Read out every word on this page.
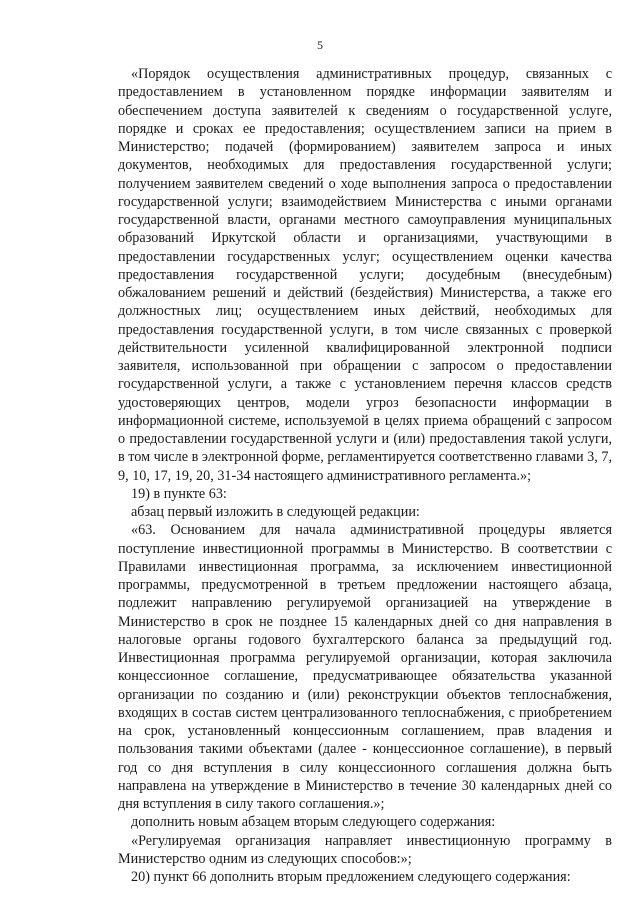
5

«Порядок осуществления административных процедур, связанных с предоставлением в установленном порядке информации заявителям и обеспечением доступа заявителей к сведениям о государственной услуге, порядке и сроках ее предоставления; осуществлением записи на прием в Министерство; подачей (формированием) заявителем запроса и иных документов, необходимых для предоставления государственной услуги; получением заявителем сведений о ходе выполнения запроса о предоставлении государственной услуги; взаимодействием Министерства с иными органами государственной власти, органами местного самоуправления муниципальных образований Иркутской области и организациями, участвующими в предоставлении государственных услуг; осуществлением оценки качества предоставления государственной услуги; досудебным (внесудебным) обжалованием решений и действий (бездействия) Министерства, а также его должностных лиц; осуществлением иных действий, необходимых для предоставления государственной услуги, в том числе связанных с проверкой действительности усиленной квалифицированной электронной подписи заявителя, использованной при обращении с запросом о предоставлении государственной услуги, а также с установлением перечня классов средств удостоверяющих центров, модели угроз безопасности информации в информационной системе, используемой в целях приема обращений с запросом о предоставлении государственной услуги и (или) предоставления такой услуги, в том числе в электронной форме, регламентируется соответственно главами 3, 7, 9, 10, 17, 19, 20, 31-34 настоящего административного регламента.»;

19) в пункте 63:

абзац первый изложить в следующей редакции:

«63. Основанием для начала административной процедуры является поступление инвестиционной программы в Министерство. В соответствии с Правилами инвестиционная программа, за исключением инвестиционной программы, предусмотренной в третьем предложении настоящего абзаца, подлежит направлению регулируемой организацией на утверждение в Министерство в срок не позднее 15 календарных дней со дня направления в налоговые органы годового бухгалтерского баланса за предыдущий год. Инвестиционная программа регулируемой организации, которая заключила концессионное соглашение, предусматривающее обязательства указанной организации по созданию и (или) реконструкции объектов теплоснабжения, входящих в состав систем централизованного теплоснабжения, с приобретением на срок, установленный концессионным соглашением, прав владения и пользования такими объектами (далее - концессионное соглашение), в первый год со дня вступления в силу концессионного соглашения должна быть направлена на утверждение в Министерство в течение 30 календарных дней со дня вступления в силу такого соглашения.»;

дополнить новым абзацем вторым следующего содержания:

«Регулируемая организация направляет инвестиционную программу в Министерство одним из следующих способов:»;

20) пункт 66 дополнить вторым предложением следующего содержания:
